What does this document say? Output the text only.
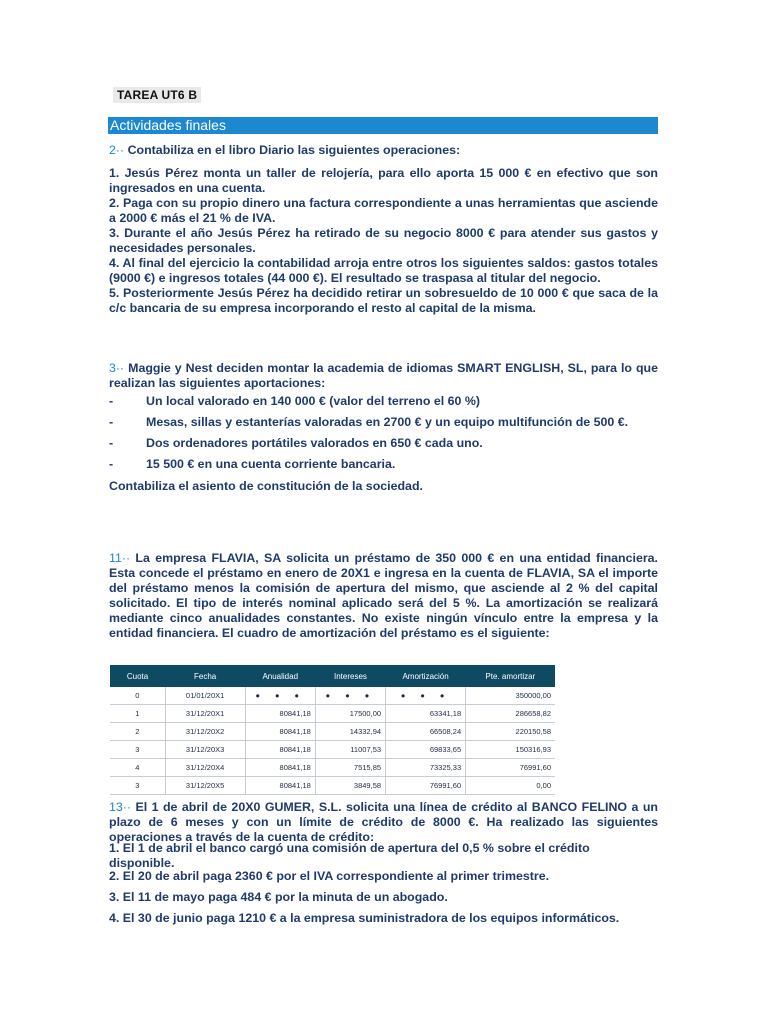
TAREA UT6 B
Actividades finales

2·· Contabiliza en el libro Diario las siguientes operaciones:

1. Jesús Pérez monta un taller de relojería, para ello aporta 15 000 € en efectivo que son ingresados en una cuenta.

2. Paga con su propio dinero una factura correspondiente a unas herramientas que asciende a 2000 € más el 21 % de IVA.

3. Durante el año Jesús Pérez ha retirado de su negocio 8000 € para atender sus gastos y necesidades personales.

4. Al final del ejercicio la contabilidad arroja entre otros los siguientes saldos: gastos totales (9000 €) e ingresos totales (44 000 €). El resultado se traspasa al titular del negocio.

5. Posteriormente Jesús Pérez ha decidido retirar un sobresueldo de 10 000 € que saca de la c/c bancaria de su empresa incorporando el resto al capital de la misma.

3·· Maggie y Nest deciden montar la academia de idiomas SMART ENGLISH, SL, para lo que realizan las siguientes aportaciones:

-	Un local valorado en 140 000 € (valor del terreno el 60 %)
-	Mesas, sillas y estanterías valoradas en 2700 € y un equipo multifunción de 500 €.
-	Dos ordenadores portátiles valorados en 650 € cada uno.
-	15 500 € en una cuenta corriente bancaria.

Contabiliza el asiento de constitución de la sociedad.

11·· La empresa FLAVIA, SA solicita un préstamo de 350 000 € en una entidad financiera. Esta concede el préstamo en enero de 20X1 e ingresa en la cuenta de FLAVIA, SA el importe del préstamo menos la comisión de apertura del mismo, que asciende al 2 % del capital solicitado. El tipo de interés nominal aplicado será del 5 %. La amortización se realizará mediante cinco anualidades constantes. No existe ningún vínculo entre la empresa y la entidad financiera. El cuadro de amortización del préstamo es el siguiente:

Cuota	Fecha	Anualidad	Intereses	Amortización	Pte. amortizar
0	01/01/20X1	• • •	• • •	• • •	350000,00
1	31/12/20X1	80841,18	17500,00	63341,18	286658,82
2	31/12/20X2	80841,18	14332,94	66508,24	220150,58
3	31/12/20X3	80841,18	11007,53	69833,65	150316,93
4	31/12/20X4	80841,18	7515,85	73325,33	76991,60
3	31/12/20X5	80841,18	3849,58	76991,60	0,00

13·· El 1 de abril de 20X0 GUMER, S.L. solicita una línea de crédito al BANCO FELINO a un plazo de 6 meses y con un límite de crédito de 8000 €. Ha realizado las siguientes operaciones a través de la cuenta de crédito:

1. El 1 de abril el banco cargó una comisión de apertura del 0,5 % sobre el crédito disponible.
2. El 20 de abril paga 2360 € por el IVA correspondiente al primer trimestre.
3. El 11 de mayo paga 484 € por la minuta de un abogado.
4. El 30 de junio paga 1210 € a la empresa suministradora de los equipos informáticos.
